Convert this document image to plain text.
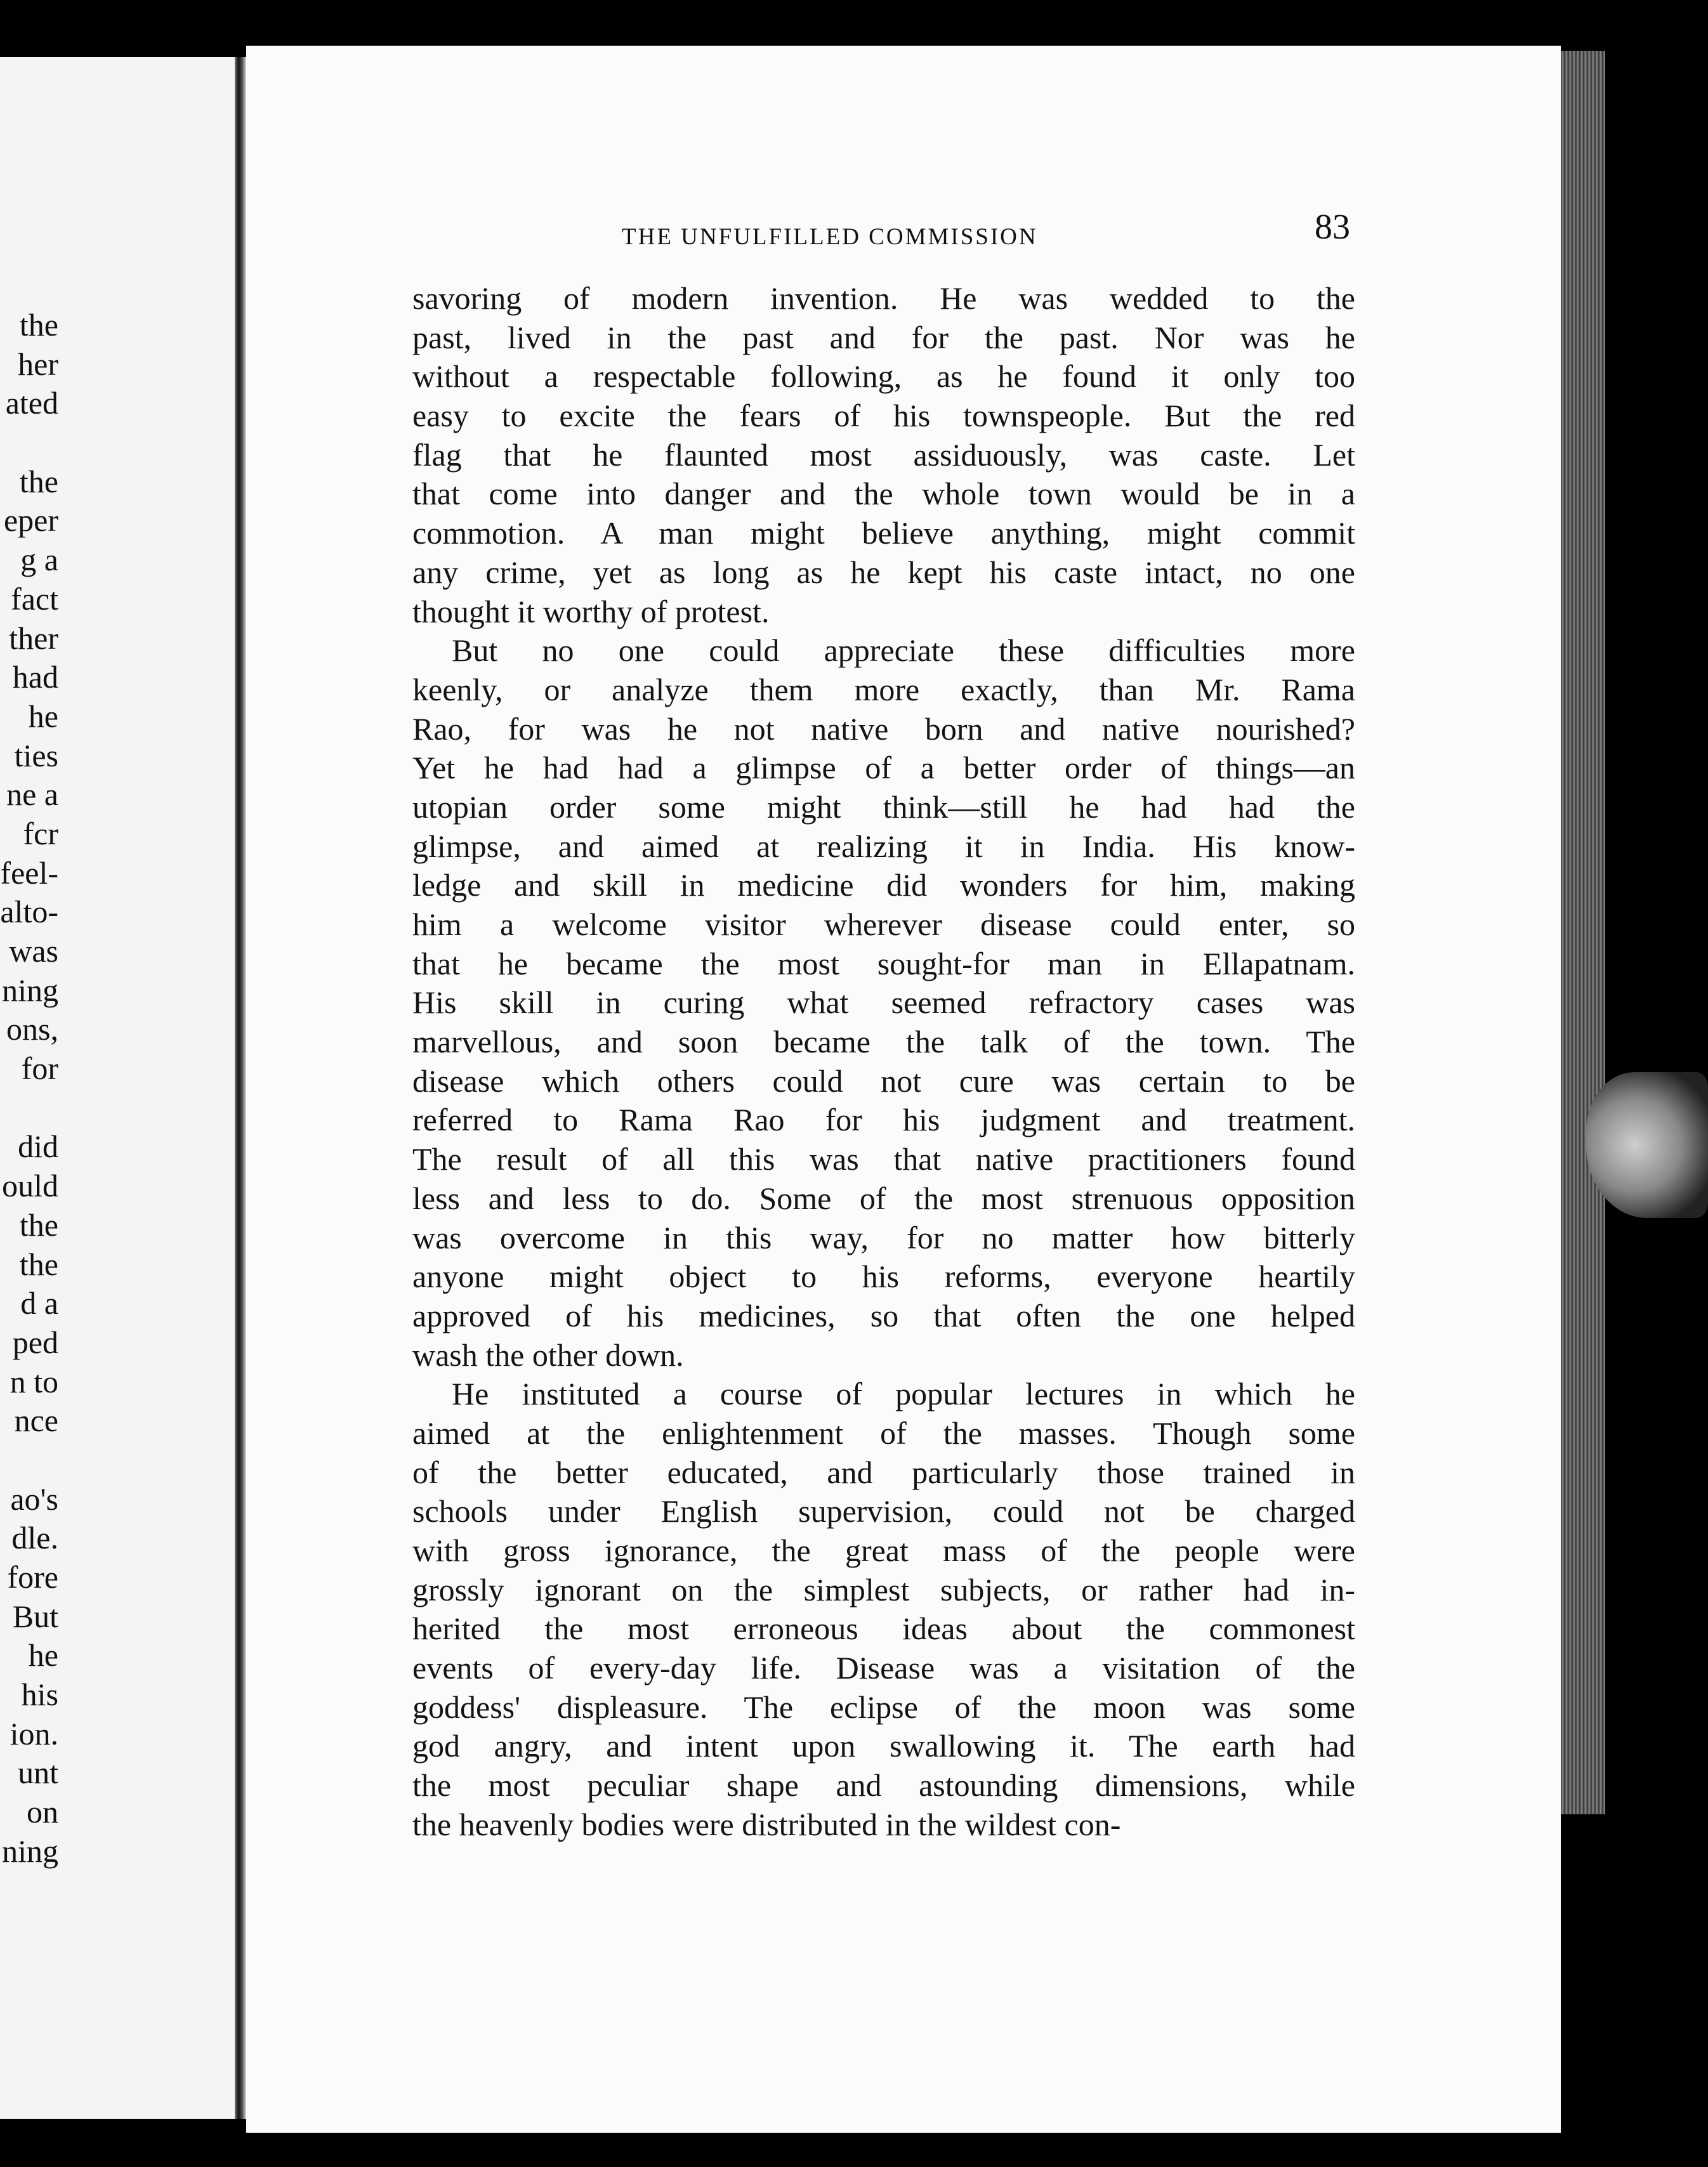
the
her
ated
the
eper
g a
fact
ther
had
he
ties
ne a
fcr
feel-
alto-
was
ning
ons,
for
did
ould
the
the
d a
ped
n to
nce
ao's
dle.
fore
But
he
his
ion.
unt
on
ning
THE UNFULFILLED COMMISSION	83
savoring of modern invention. He was wedded to the
past, lived in the past and for the past. Nor was he
without a respectable following, as he found it only too
easy to excite the fears of his townspeople. But the red
flag that he flaunted most assiduously, was caste. Let
that come into danger and the whole town would be in a
commotion. A man might believe anything, might commit
any crime, yet as long as he kept his caste intact, no one
thought it worthy of protest.
But no one could appreciate these difficulties more
keenly, or analyze them more exactly, than Mr. Rama
Rao, for was he not native born and native nourished?
Yet he had had a glimpse of a better order of things—an
utopian order some might think—still he had had the
glimpse, and aimed at realizing it in India. His know-
ledge and skill in medicine did wonders for him, making
him a welcome visitor wherever disease could enter, so
that he became the most sought-for man in Ellapatnam.
His skill in curing what seemed refractory cases was
marvellous, and soon became the talk of the town. The
disease which others could not cure was certain to be
referred to Rama Rao for his judgment and treatment.
The result of all this was that native practitioners found
less and less to do. Some of the most strenuous opposition
was overcome in this way, for no matter how bitterly
anyone might object to his reforms, everyone heartily
approved of his medicines, so that often the one helped
wash the other down.
He instituted a course of popular lectures in which he
aimed at the enlightenment of the masses. Though some
of the better educated, and particularly those trained in
schools under English supervision, could not be charged
with gross ignorance, the great mass of the people were
grossly ignorant on the simplest subjects, or rather had in-
herited the most erroneous ideas about the commonest
events of every-day life. Disease was a visitation of the
goddess' displeasure. The eclipse of the moon was some
god angry, and intent upon swallowing it. The earth had
the most peculiar shape and astounding dimensions, while
the heavenly bodies were distributed in the wildest con-
